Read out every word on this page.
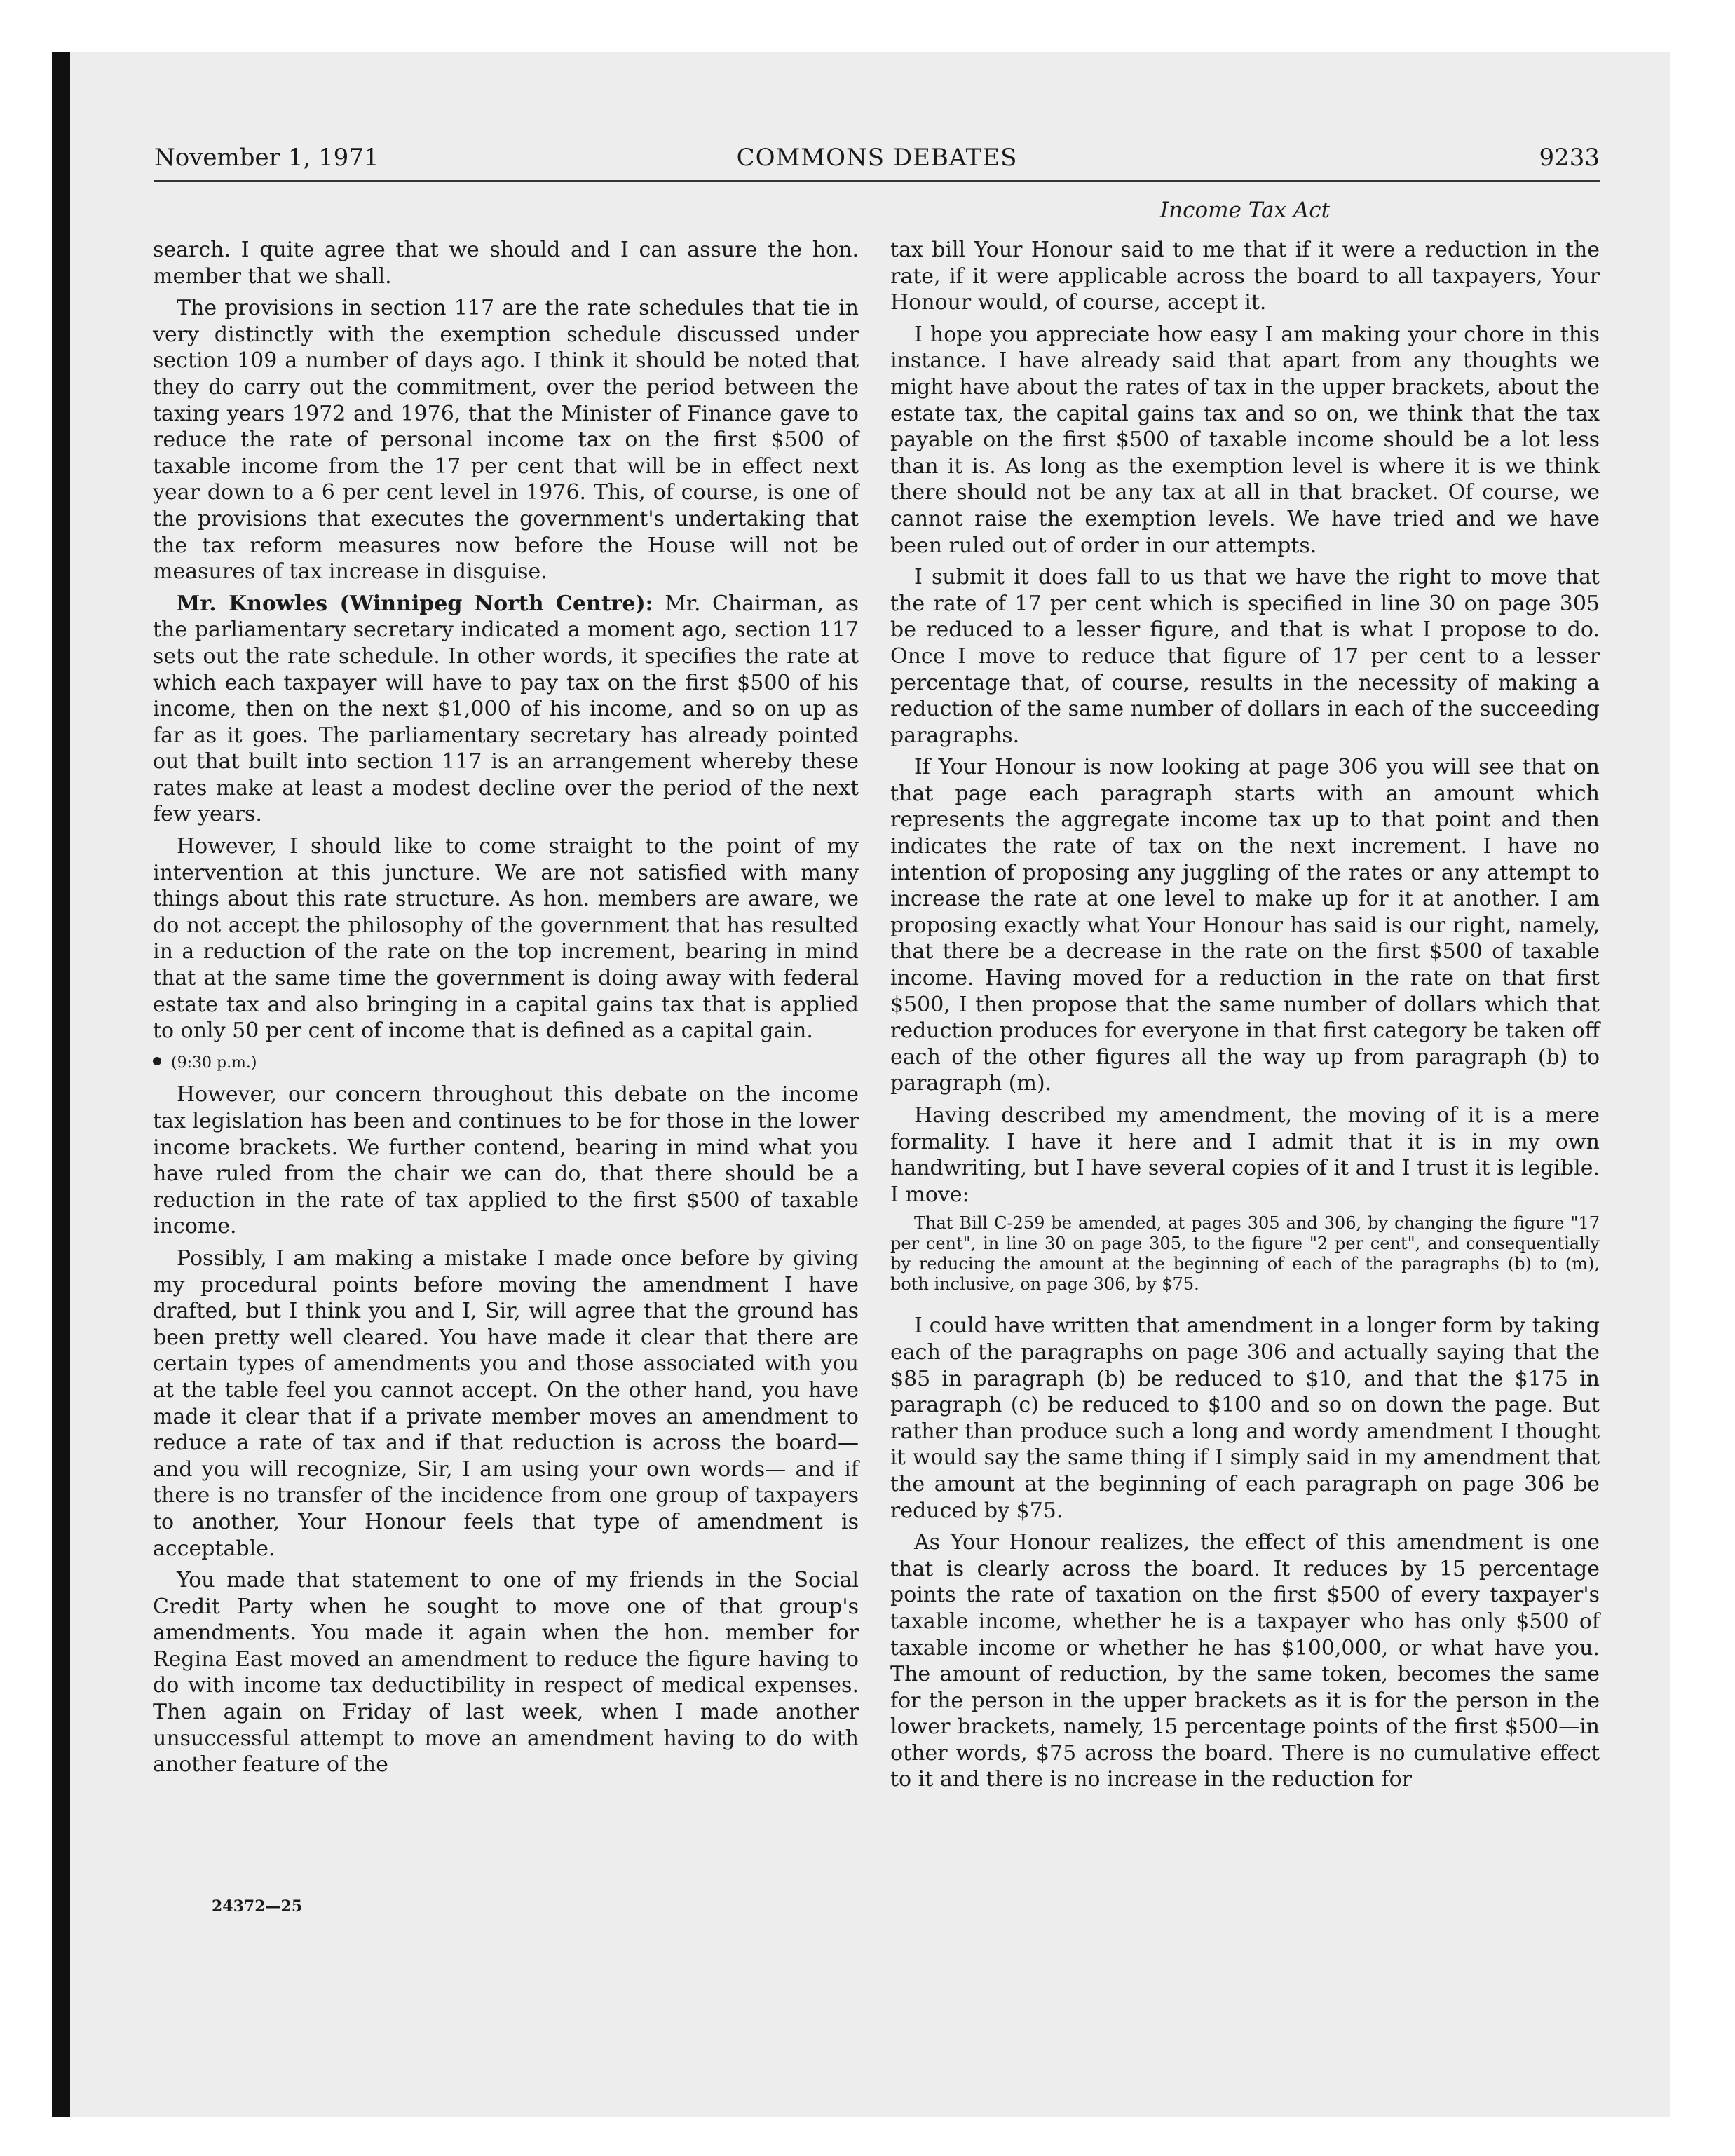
November 1, 1971	COMMONS DEBATES	9233
Income Tax Act

search. I quite agree that we should and I can assure the hon. member that we shall.

The provisions in section 117 are the rate schedules that tie in very distinctly with the exemption schedule discussed under section 109 a number of days ago. I think it should be noted that they do carry out the commitment, over the period between the taxing years 1972 and 1976, that the Minister of Finance gave to reduce the rate of personal income tax on the first $500 of taxable income from the 17 per cent that will be in effect next year down to a 6 per cent level in 1976. This, of course, is one of the provisions that executes the government's undertaking that the tax reform measures now before the House will not be measures of tax increase in disguise.

Mr. Knowles (Winnipeg North Centre): Mr. Chairman, as the parliamentary secretary indicated a moment ago, section 117 sets out the rate schedule. In other words, it specifies the rate at which each taxpayer will have to pay tax on the first $500 of his income, then on the next $1,000 of his income, and so on up as far as it goes. The parliamentary secretary has already pointed out that built into section 117 is an arrangement whereby these rates make at least a modest decline over the period of the next few years.

However, I should like to come straight to the point of my intervention at this juncture. We are not satisfied with many things about this rate structure. As hon. members are aware, we do not accept the philosophy of the government that has resulted in a reduction of the rate on the top increment, bearing in mind that at the same time the government is doing away with federal estate tax and also bringing in a capital gains tax that is applied to only 50 per cent of income that is defined as a capital gain.

(9:30 p.m.)

However, our concern throughout this debate on the income tax legislation has been and continues to be for those in the lower income brackets. We further contend, bearing in mind what you have ruled from the chair we can do, that there should be a reduction in the rate of tax applied to the first $500 of taxable income.

Possibly, I am making a mistake I made once before by giving my procedural points before moving the amendment I have drafted, but I think you and I, Sir, will agree that the ground has been pretty well cleared. You have made it clear that there are certain types of amendments you and those associated with you at the table feel you cannot accept. On the other hand, you have made it clear that if a private member moves an amendment to reduce a rate of tax and if that reduction is across the board— and you will recognize, Sir, I am using your own words— and if there is no transfer of the incidence from one group of taxpayers to another, Your Honour feels that type of amendment is acceptable.

You made that statement to one of my friends in the Social Credit Party when he sought to move one of that group's amendments. You made it again when the hon. member for Regina East moved an amendment to reduce the figure having to do with income tax deductibility in respect of medical expenses. Then again on Friday of last week, when I made another unsuccessful attempt to move an amendment having to do with another feature of the

tax bill Your Honour said to me that if it were a reduction in the rate, if it were applicable across the board to all taxpayers, Your Honour would, of course, accept it.

I hope you appreciate how easy I am making your chore in this instance. I have already said that apart from any thoughts we might have about the rates of tax in the upper brackets, about the estate tax, the capital gains tax and so on, we think that the tax payable on the first $500 of taxable income should be a lot less than it is. As long as the exemption level is where it is we think there should not be any tax at all in that bracket. Of course, we cannot raise the exemption levels. We have tried and we have been ruled out of order in our attempts.

I submit it does fall to us that we have the right to move that the rate of 17 per cent which is specified in line 30 on page 305 be reduced to a lesser figure, and that is what I propose to do. Once I move to reduce that figure of 17 per cent to a lesser percentage that, of course, results in the necessity of making a reduction of the same number of dollars in each of the succeeding paragraphs.

If Your Honour is now looking at page 306 you will see that on that page each paragraph starts with an amount which represents the aggregate income tax up to that point and then indicates the rate of tax on the next increment. I have no intention of proposing any juggling of the rates or any attempt to increase the rate at one level to make up for it at another. I am proposing exactly what Your Honour has said is our right, namely, that there be a decrease in the rate on the first $500 of taxable income. Having moved for a reduction in the rate on that first $500, I then propose that the same number of dollars which that reduction produces for everyone in that first category be taken off each of the other figures all the way up from paragraph (b) to paragraph (m).

Having described my amendment, the moving of it is a mere formality. I have it here and I admit that it is in my own handwriting, but I have several copies of it and I trust it is legible. I move:

That Bill C-259 be amended, at pages 305 and 306, by changing the figure "17 per cent", in line 30 on page 305, to the figure "2 per cent", and consequentially by reducing the amount at the beginning of each of the paragraphs (b) to (m), both inclusive, on page 306, by $75.

I could have written that amendment in a longer form by taking each of the paragraphs on page 306 and actually saying that the $85 in paragraph (b) be reduced to $10, and that the $175 in paragraph (c) be reduced to $100 and so on down the page. But rather than produce such a long and wordy amendment I thought it would say the same thing if I simply said in my amendment that the amount at the beginning of each paragraph on page 306 be reduced by $75.

As Your Honour realizes, the effect of this amendment is one that is clearly across the board. It reduces by 15 percentage points the rate of taxation on the first $500 of every taxpayer's taxable income, whether he is a taxpayer who has only $500 of taxable income or whether he has $100,000, or what have you. The amount of reduction, by the same token, becomes the same for the person in the upper brackets as it is for the person in the lower brackets, namely, 15 percentage points of the first $500—in other words, $75 across the board. There is no cumulative effect to it and there is no increase in the reduction for

24372—25
